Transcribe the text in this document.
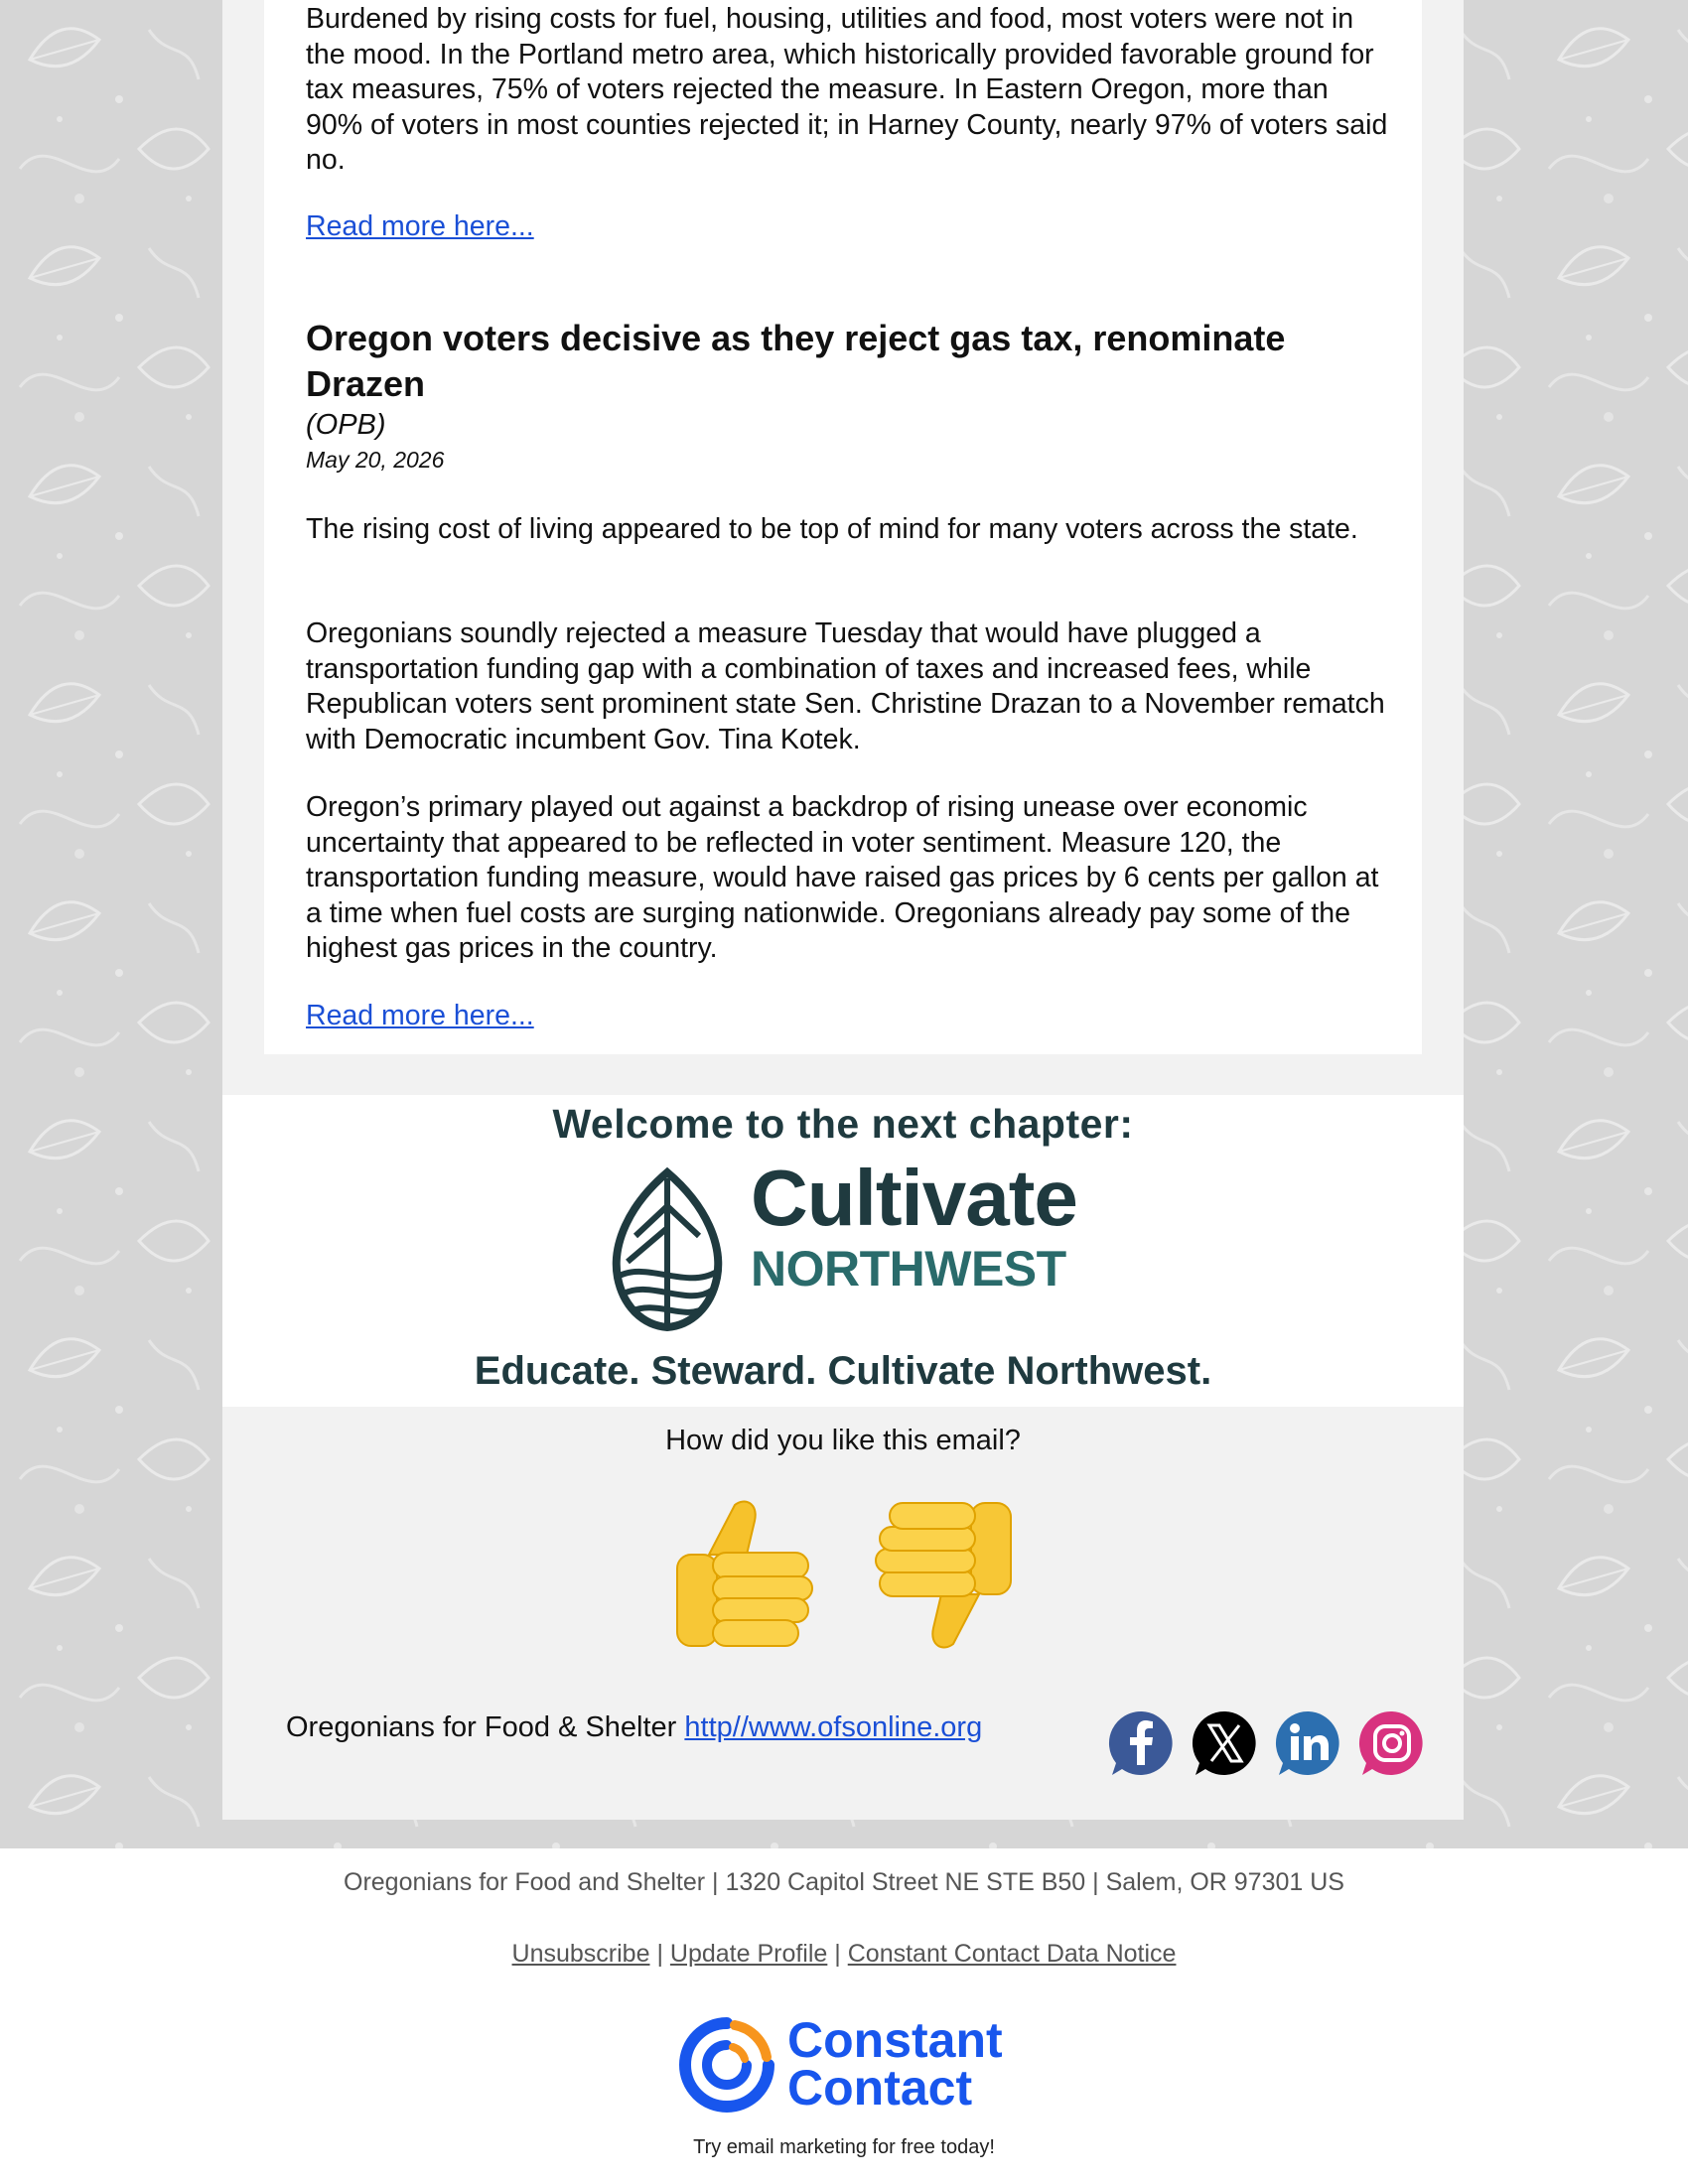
Burdened by rising costs for fuel, housing, utilities and food, most voters were not in the mood. In the Portland metro area, which historically provided favorable ground for tax measures, 75% of voters rejected the measure. In Eastern Oregon, more than 90% of voters in most counties rejected it; in Harney County, nearly 97% of voters said no.
Read more here...
Oregon voters decisive as they reject gas tax, renominate Drazen
(OPB)
May 20, 2026
The rising cost of living appeared to be top of mind for many voters across the state.
Oregonians soundly rejected a measure Tuesday that would have plugged a transportation funding gap with a combination of taxes and increased fees, while Republican voters sent prominent state Sen. Christine Drazan to a November rematch with Democratic incumbent Gov. Tina Kotek.
Oregon’s primary played out against a backdrop of rising unease over economic uncertainty that appeared to be reflected in voter sentiment. Measure 120, the transportation funding measure, would have raised gas prices by 6 cents per gallon at a time when fuel costs are surging nationwide. Oregonians already pay some of the highest gas prices in the country.
Read more here...
Welcome to the next chapter:
Cultivate
NORTHWEST
Educate. Steward. Cultivate Northwest.
How did you like this email?
Oregonians for Food & Shelter http//www.ofsonline.org
Oregonians for Food and Shelter | 1320 Capitol Street NE STE B50 | Salem, OR 97301 US
Unsubscribe | Update Profile | Constant Contact Data Notice
Constant
Contact
Try email marketing for free today!
